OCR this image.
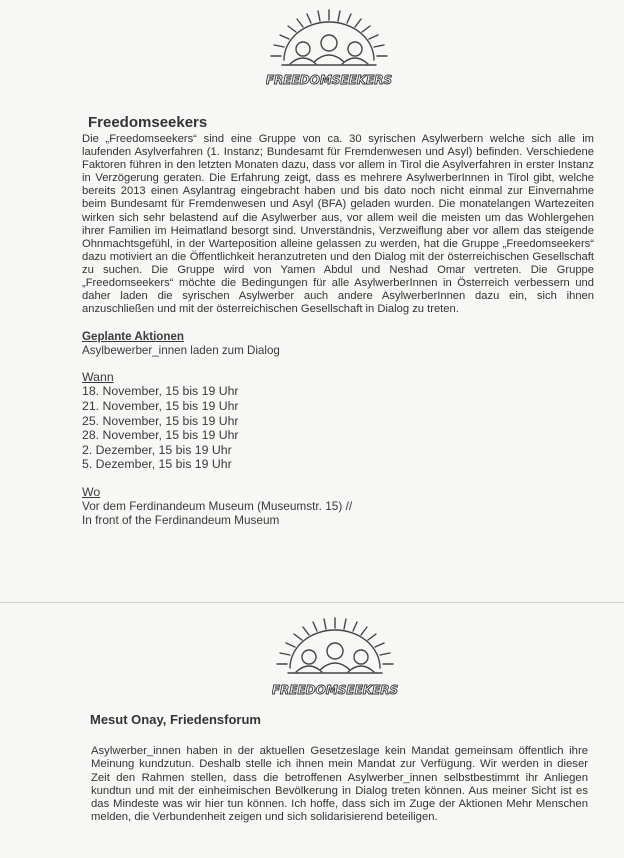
FREEDOMSEEKERS
Freedomseekers

Die „Freedomseekers“ sind eine Gruppe von ca. 30 syrischen Asylwerbern welche sich alle im laufenden Asylverfahren (1. Instanz; Bundesamt für Fremdenwesen und Asyl) befinden. Verschiedene Faktoren führen in den letzten Monaten dazu, dass vor allem in Tirol die Asylverfahren in erster Instanz in Verzögerung geraten. Die Erfahrung zeigt, dass es mehrere AsylwerberInnen in Tirol gibt, welche bereits 2013 einen Asylantrag eingebracht haben und bis dato noch nicht einmal zur Einvernahme beim Bundesamt für Fremdenwesen und Asyl (BFA) geladen wurden. Die monatelangen Wartezeiten wirken sich sehr belastend auf die Asylwerber aus, vor allem weil die meisten um das Wohlergehen ihrer Familien im Heimatland besorgt sind. Unverständnis, Verzweiflung aber vor allem das steigende Ohnmachtsgefühl, in der Warteposition alleine gelassen zu werden, hat die Gruppe „Freedomseekers“ dazu motiviert an die Öffentlichkeit heranzutreten und den Dialog mit der österreichischen Gesellschaft zu suchen. Die Gruppe wird von Yamen Abdul und Neshad Omar vertreten. Die Gruppe „Freedomseekers“ möchte die Bedingungen für alle AsylwerberInnen in Österreich verbessern und daher laden die syrischen Asylwerber auch andere AsylwerberInnen dazu ein, sich ihnen anzuschließen und mit der österreichischen Gesellschaft in Dialog zu treten.

Geplante Aktionen
Asylbewerber_innen laden zum Dialog
Wann
18. November, 15 bis 19 Uhr
21. November, 15 bis 19 Uhr
25. November, 15 bis 19 Uhr
28. November, 15 bis 19 Uhr
2. Dezember, 15 bis 19 Uhr
5. Dezember, 15 bis 19 Uhr
Wo
Vor dem Ferdinandeum Museum (Museumstr. 15) //
In front of the Ferdinandeum Museum
FREEDOMSEEKERS
Mesut Onay, Friedensforum

Asylwerber_innen haben in der aktuellen Gesetzeslage kein Mandat gemeinsam öffentlich ihre Meinung kundzutun. Deshalb stelle ich ihnen mein Mandat zur Verfügung. Wir werden in dieser Zeit den Rahmen stellen, dass die betroffenen Asylwerber_innen selbstbestimmt ihr Anliegen kundtun und mit der einheimischen Bevölkerung in Dialog treten können. Aus meiner Sicht ist es das Mindeste was wir hier tun können. Ich hoffe, dass sich im Zuge der Aktionen Mehr Menschen melden, die Verbundenheit zeigen und sich solidarisierend beteiligen.
